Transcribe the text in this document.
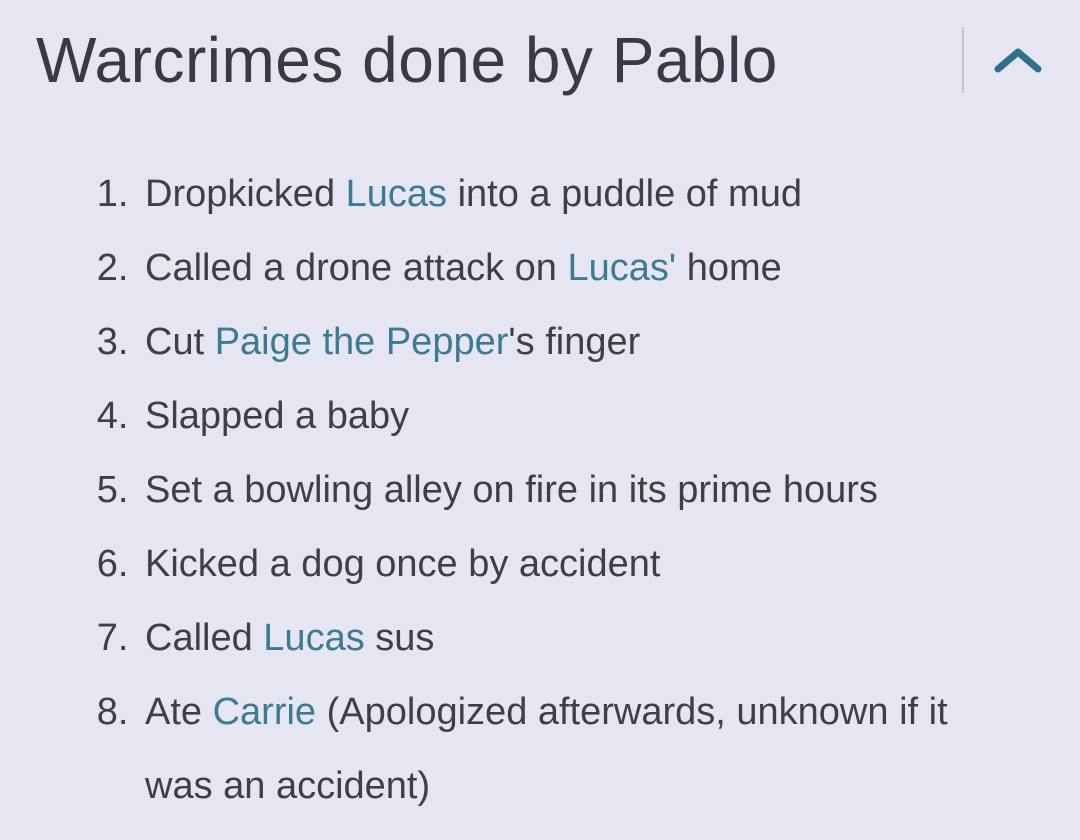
Warcrimes done by Pablo
1. Dropkicked Lucas into a puddle of mud
2. Called a drone attack on Lucas' home
3. Cut Paige the Pepper's finger
4. Slapped a baby
5. Set a bowling alley on fire in its prime hours
6. Kicked a dog once by accident
7. Called Lucas sus
8. Ate Carrie (Apologized afterwards, unknown if it was an accident)
